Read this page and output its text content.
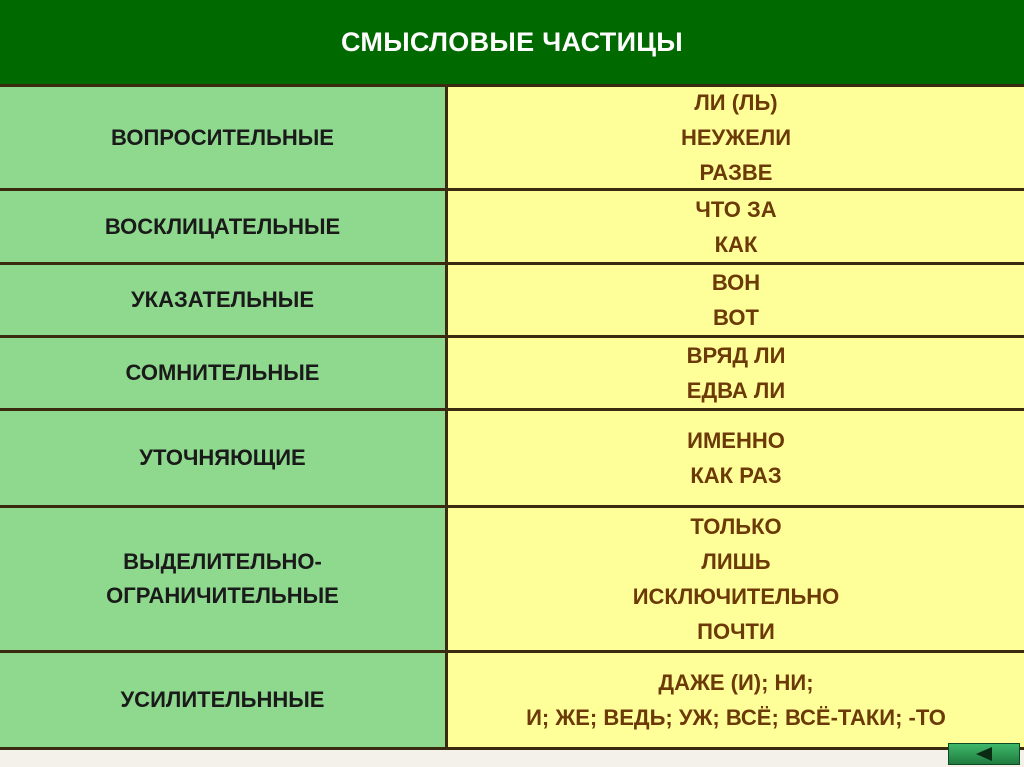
СМЫСЛОВЫЕ ЧАСТИЦЫ
ВОПРОСИТЕЛЬНЫЕ
ЛИ (ЛЬ)
НЕУЖЕЛИ
РАЗВЕ
ВОСКЛИЦАТЕЛЬНЫЕ
ЧТО ЗА
КАК
УКАЗАТЕЛЬНЫЕ
ВОН
ВОТ
СОМНИТЕЛЬНЫЕ
ВРЯД ЛИ
ЕДВА ЛИ
УТОЧНЯЮЩИЕ
ИМЕННО
КАК РАЗ
ВЫДЕЛИТЕЛЬНО-
ОГРАНИЧИТЕЛЬНЫЕ
ТОЛЬКО
ЛИШЬ
ИСКЛЮЧИТЕЛЬНО
ПОЧТИ
УСИЛИТЕЛЬННЫЕ
ДАЖЕ (И); НИ;
И; ЖЕ; ВЕДЬ; УЖ; ВСЁ; ВСЁ-ТАКИ; -ТО
